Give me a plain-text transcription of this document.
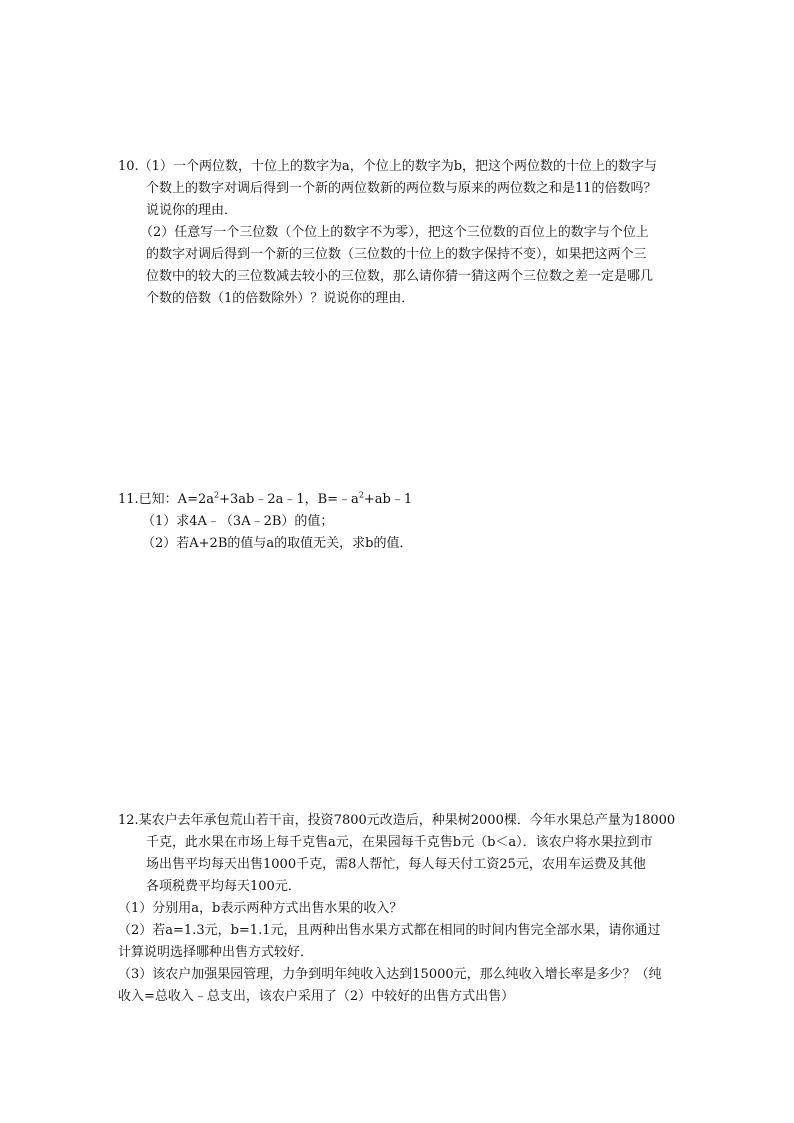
10.（1）一个两位数，十位上的数字为a，个位上的数字为b，把这个两位数的十位上的数字与
个数上的数字对调后得到一个新的两位数新的两位数与原来的两位数之和是11的倍数吗？
说说你的理由．
（2）任意写一个三位数（个位上的数字不为零），把这个三位数的百位上的数字与个位上
的数字对调后得到一个新的三位数（三位数的十位上的数字保持不变），如果把这两个三
位数中的较大的三位数减去较小的三位数，那么请你猜一猜这两个三位数之差一定是哪几
个数的倍数（1的倍数除外）？说说你的理由．
11.已知：$A=2a^2+3ab﹣2a﹣1$，$B=﹣a^2+ab﹣1$
（1）求4A﹣（3A﹣2B）的值；
（2）若A+2B的值与a的取值无关，求b的值．
12.某农户去年承包荒山若干亩，投资7800元改造后，种果树2000棵．今年水果总产量为18000
千克，此水果在市场上每千克售a元，在果园每千克售b元（b＜a）．该农户将水果拉到市
场出售平均每天出售1000千克，需8人帮忙，每人每天付工资25元，农用车运费及其他
各项税费平均每天100元．
（1）分别用a，b表示两种方式出售水果的收入？
（2）若a=1.3元，b=1.1元，且两种出售水果方式都在相同的时间内售完全部水果，请你通过
计算说明选择哪种出售方式较好．
（3）该农户加强果园管理，力争到明年纯收入达到15000元，那么纯收入增长率是多少？（纯
收入=总收入﹣总支出，该农户采用了（2）中较好的出售方式出售）
